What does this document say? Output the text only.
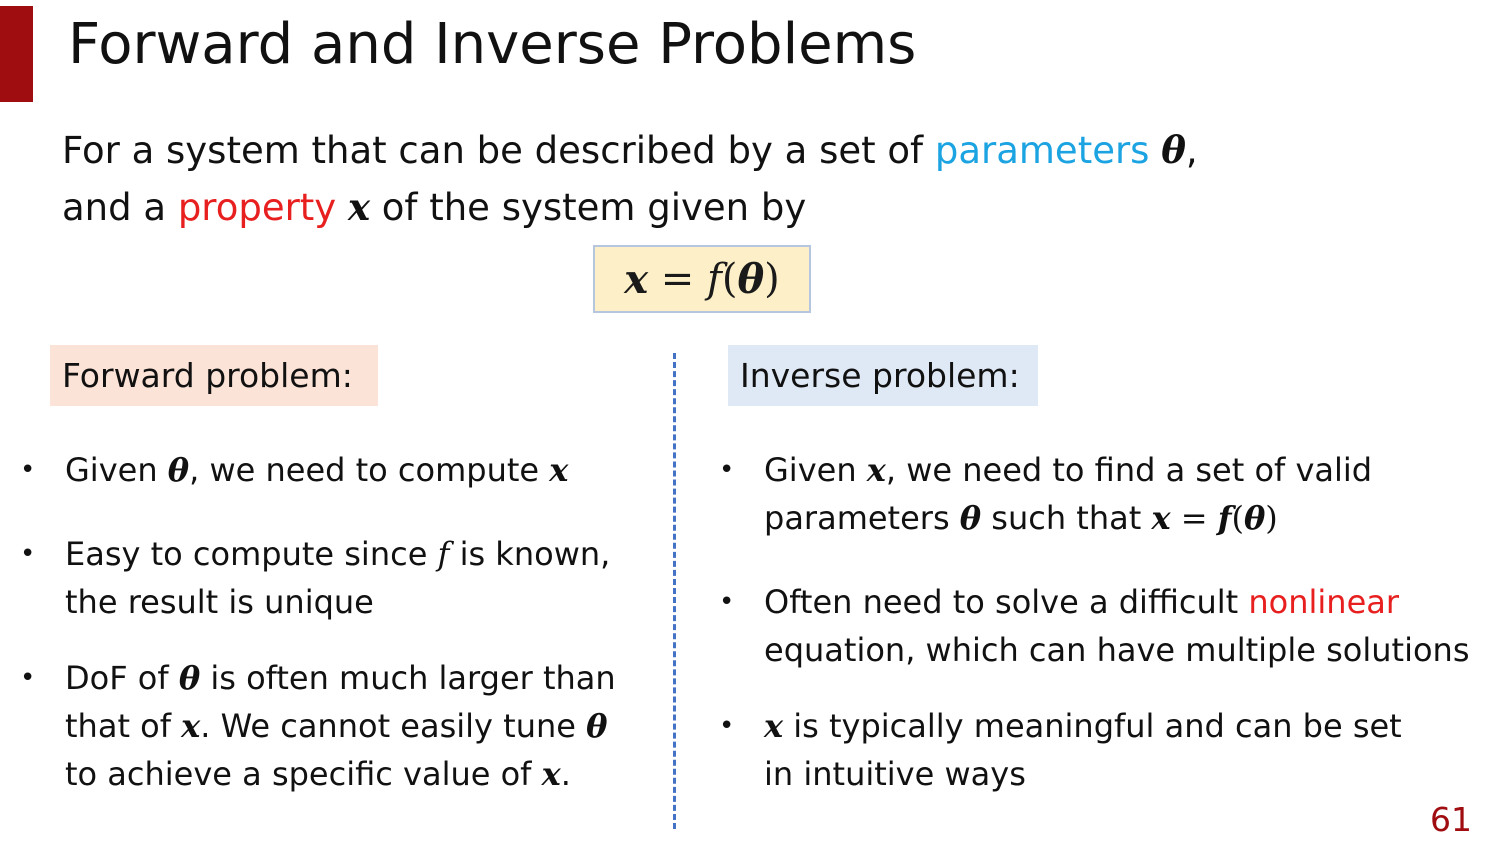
Forward and Inverse Problems
For a system that can be described by a set of parameters θ,
and a property x of the system given by
x = f ( θ )
Forward problem:	Inverse problem:
• Given θ, we need to compute x
• Easy to compute since f is known,
the result is unique
• DoF of θ is often much larger than
that of x. We cannot easily tune θ
to achieve a specific value of x.
• Given x, we need to find a set of valid
parameters θ such that x = f(θ)
• Often need to solve a difficult nonlinear
equation, which can have multiple solutions
• x is typically meaningful and can be set
in intuitive ways
61
